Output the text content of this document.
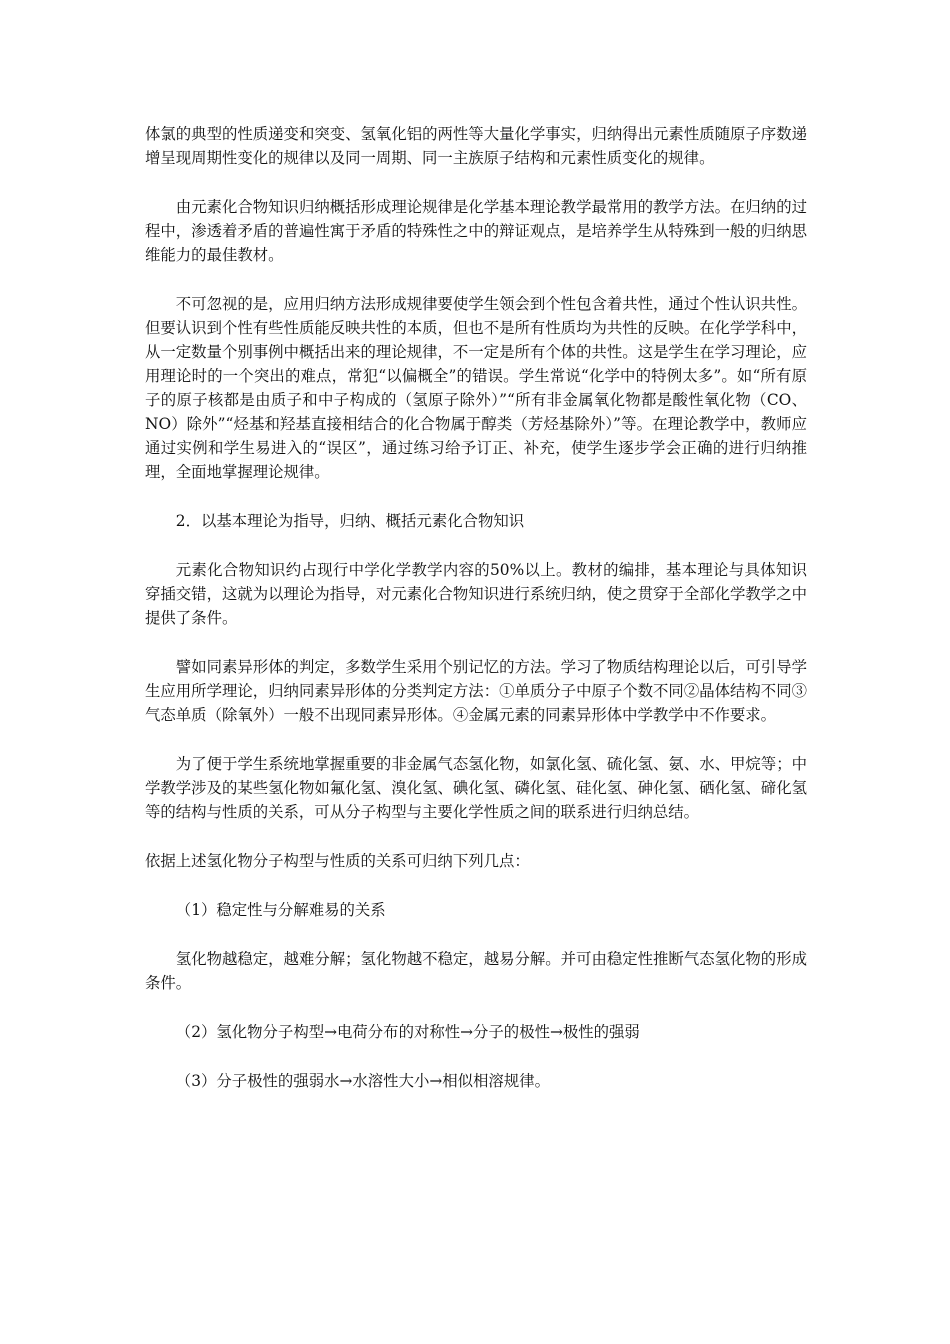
体氯的典型的性质递变和突变、氢氧化铝的两性等大量化学事实，归纳得出元素性质随原子序数递增呈现周期性变化的规律以及同一周期、同一主族原子结构和元素性质变化的规律。

由元素化合物知识归纳概括形成理论规律是化学基本理论教学最常用的教学方法。在归纳的过程中，渗透着矛盾的普遍性寓于矛盾的特殊性之中的辩证观点，是培养学生从特殊到一般的归纳思维能力的最佳教材。

不可忽视的是，应用归纳方法形成规律要使学生领会到个性包含着共性，通过个性认识共性。但要认识到个性有些性质能反映共性的本质，但也不是所有性质均为共性的反映。在化学学科中，从一定数量个别事例中概括出来的理论规律，不一定是所有个体的共性。这是学生在学习理论，应用理论时的一个突出的难点，常犯“以偏概全”的错误。学生常说“化学中的特例太多”。如“所有原子的原子核都是由质子和中子构成的（氢原子除外）”“所有非金属氧化物都是酸性氧化物（CO、NO）除外”“烃基和羟基直接相结合的化合物属于醇类（芳烃基除外）”等。在理论教学中，教师应通过实例和学生易进入的“误区”，通过练习给予订正、补充，使学生逐步学会正确的进行归纳推理，全面地掌握理论规律。

2．以基本理论为指导，归纳、概括元素化合物知识

元素化合物知识约占现行中学化学教学内容的50%以上。教材的编排，基本理论与具体知识穿插交错，这就为以理论为指导，对元素化合物知识进行系统归纳，使之贯穿于全部化学教学之中提供了条件。

譬如同素异形体的判定，多数学生采用个别记忆的方法。学习了物质结构理论以后，可引导学生应用所学理论，归纳同素异形体的分类判定方法：①单质分子中原子个数不同②晶体结构不同③气态单质（除氧外）一般不出现同素异形体。④金属元素的同素异形体中学教学中不作要求。

为了便于学生系统地掌握重要的非金属气态氢化物，如氯化氢、硫化氢、氨、水、甲烷等；中学教学涉及的某些氢化物如氟化氢、溴化氢、碘化氢、磷化氢、硅化氢、砷化氢、硒化氢、碲化氢等的结构与性质的关系，可从分子构型与主要化学性质之间的联系进行归纳总结。

依据上述氢化物分子构型与性质的关系可归纳下列几点：

（1）稳定性与分解难易的关系

氢化物越稳定，越难分解；氢化物越不稳定，越易分解。并可由稳定性推断气态氢化物的形成条件。

（2）氢化物分子构型→电荷分布的对称性→分子的极性→极性的强弱

（3）分子极性的强弱水→水溶性大小→相似相溶规律。
